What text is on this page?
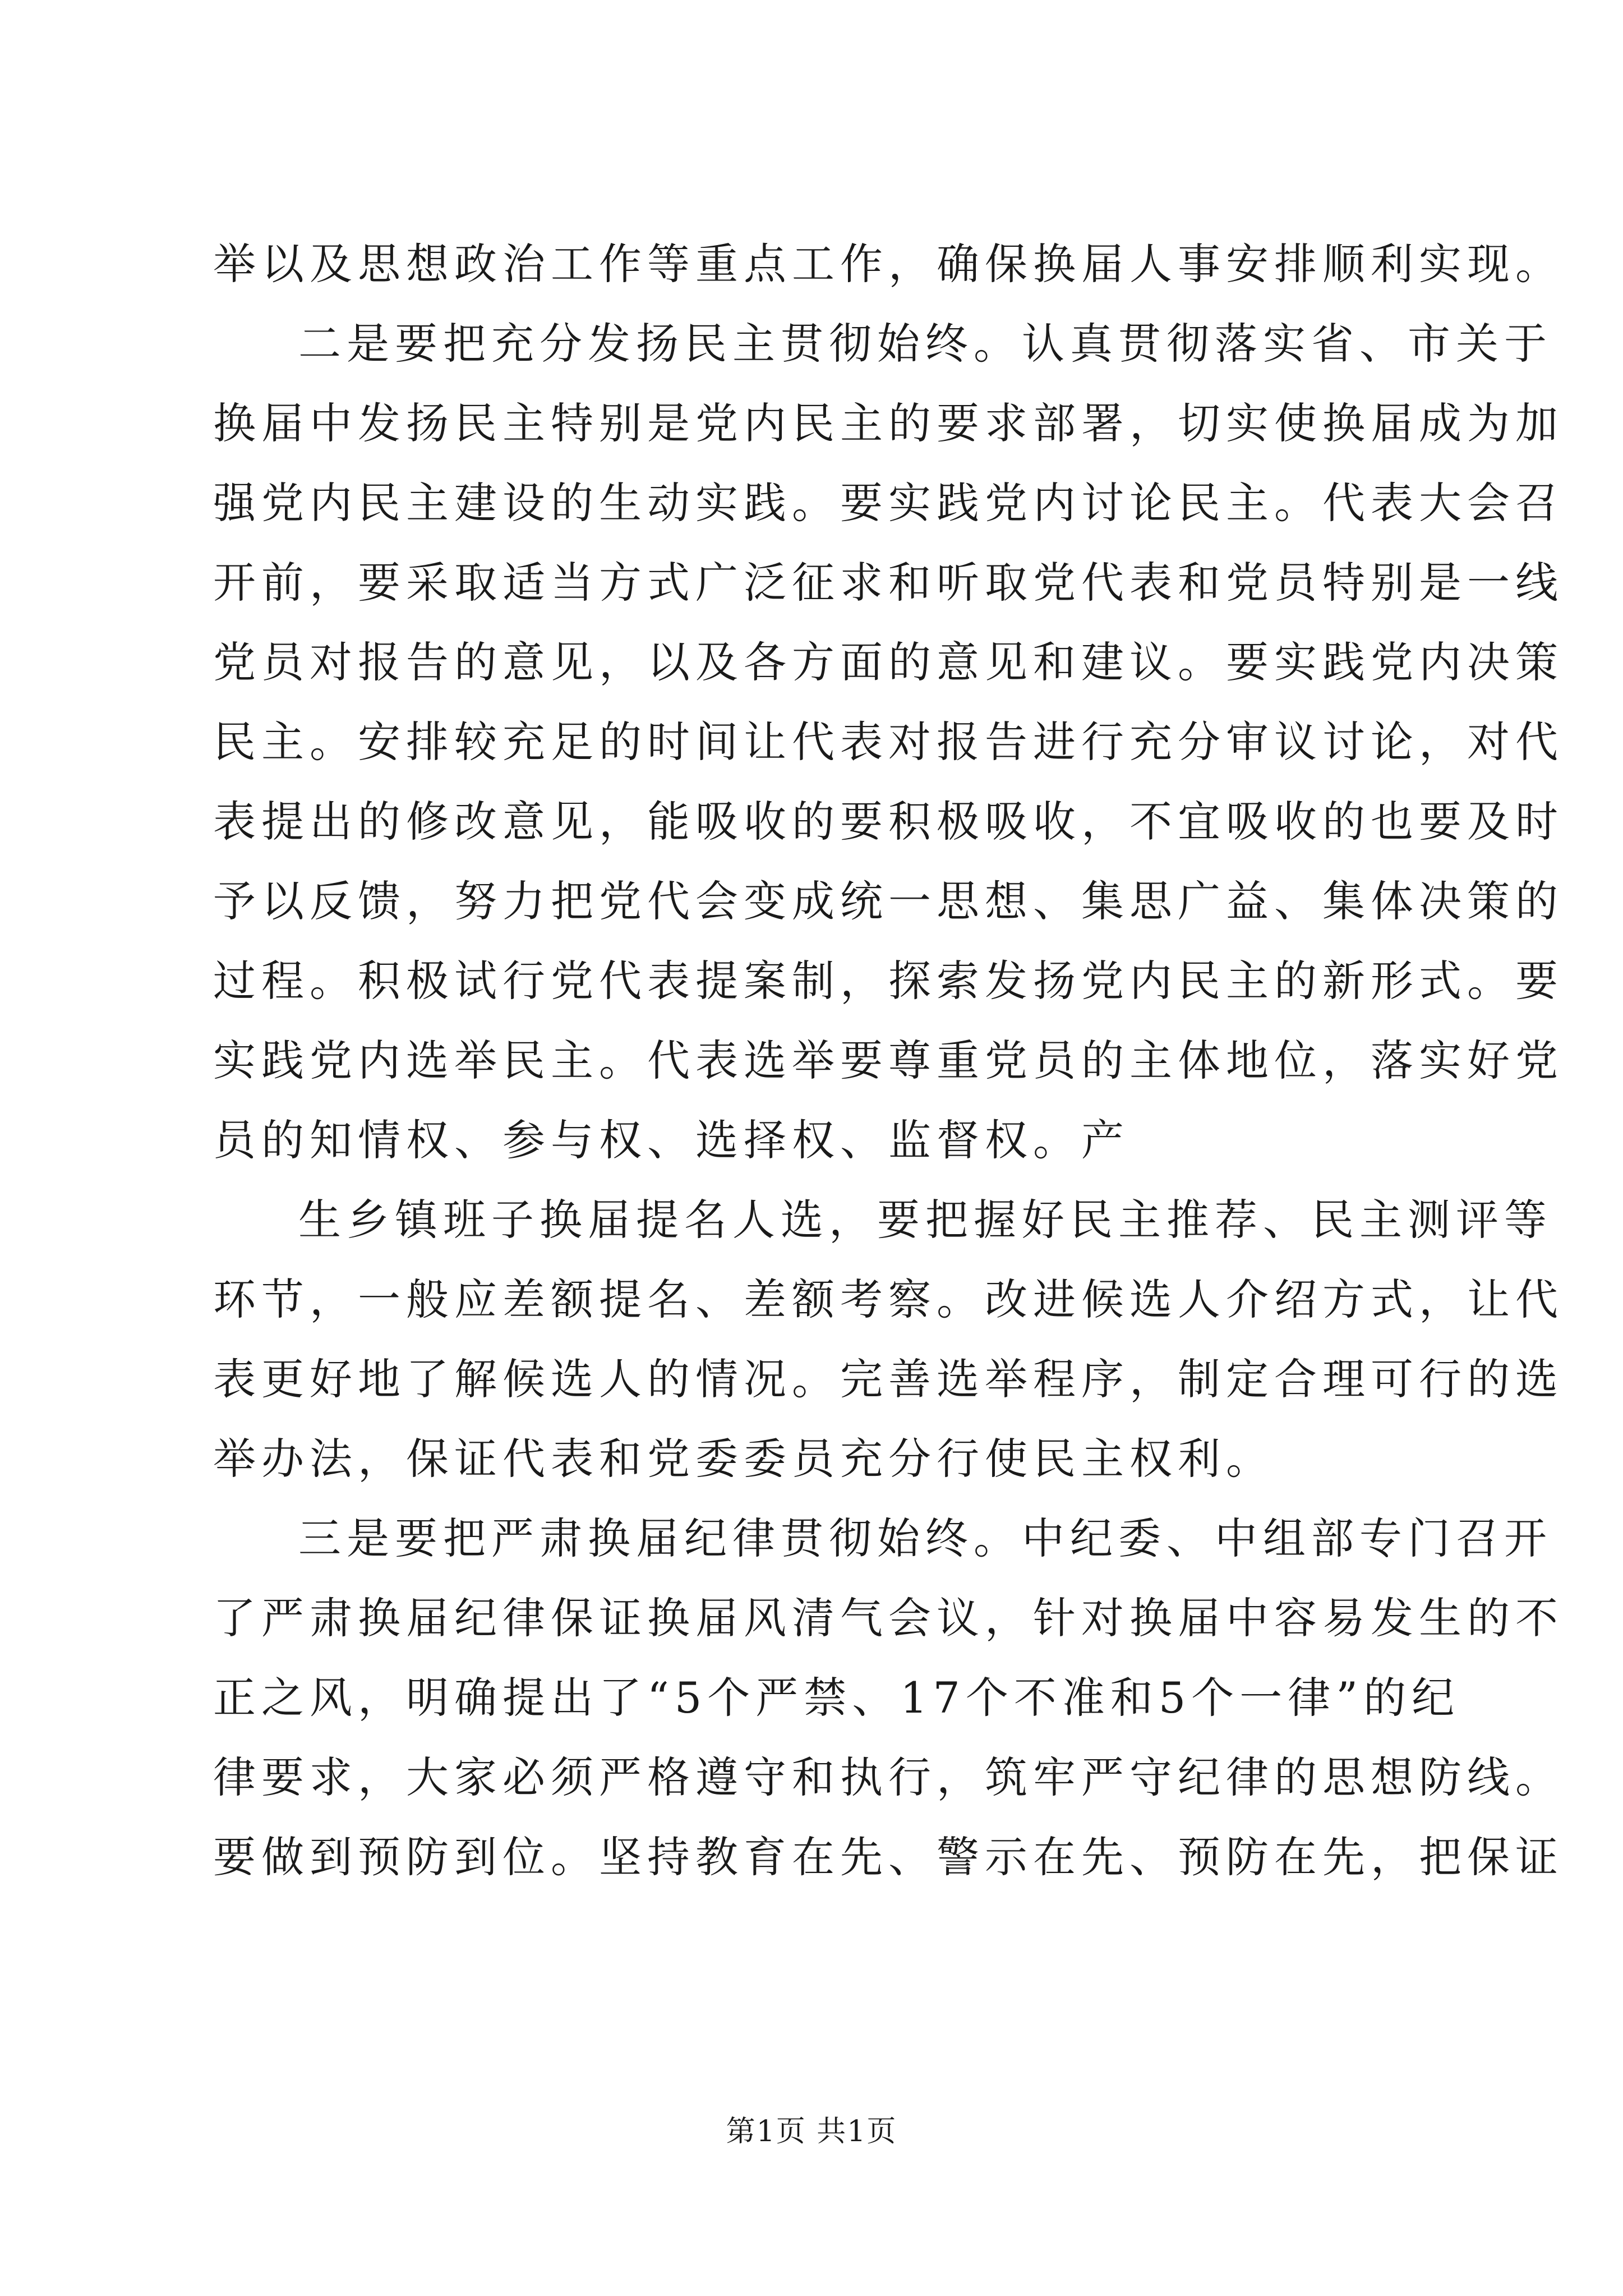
举以及思想政治工作等重点工作，确保换届人事安排顺利实现。
二是要把充分发扬民主贯彻始终。认真贯彻落实省、市关于
换届中发扬民主特别是党内民主的要求部署，切实使换届成为加
强党内民主建设的生动实践。要实践党内讨论民主。代表大会召
开前，要采取适当方式广泛征求和听取党代表和党员特别是一线
党员对报告的意见，以及各方面的意见和建议。要实践党内决策
民主。安排较充足的时间让代表对报告进行充分审议讨论，对代
表提出的修改意见，能吸收的要积极吸收，不宜吸收的也要及时
予以反馈，努力把党代会变成统一思想、集思广益、集体决策的
过程。积极试行党代表提案制，探索发扬党内民主的新形式。要
实践党内选举民主。代表选举要尊重党员的主体地位，落实好党
员的知情权、参与权、选择权、监督权。产
生乡镇班子换届提名人选，要把握好民主推荐、民主测评等
环节，一般应差额提名、差额考察。改进候选人介绍方式，让代
表更好地了解候选人的情况。完善选举程序，制定合理可行的选
举办法，保证代表和党委委员充分行使民主权利。
三是要把严肃换届纪律贯彻始终。中纪委、中组部专门召开
了严肃换届纪律保证换届风清气会议，针对换届中容易发生的不
正之风，明确提出了“5个严禁、17个不准和5个一律”的纪
律要求，大家必须严格遵守和执行，筑牢严守纪律的思想防线。
要做到预防到位。坚持教育在先、警示在先、预防在先，把保证
第1页 共1页
